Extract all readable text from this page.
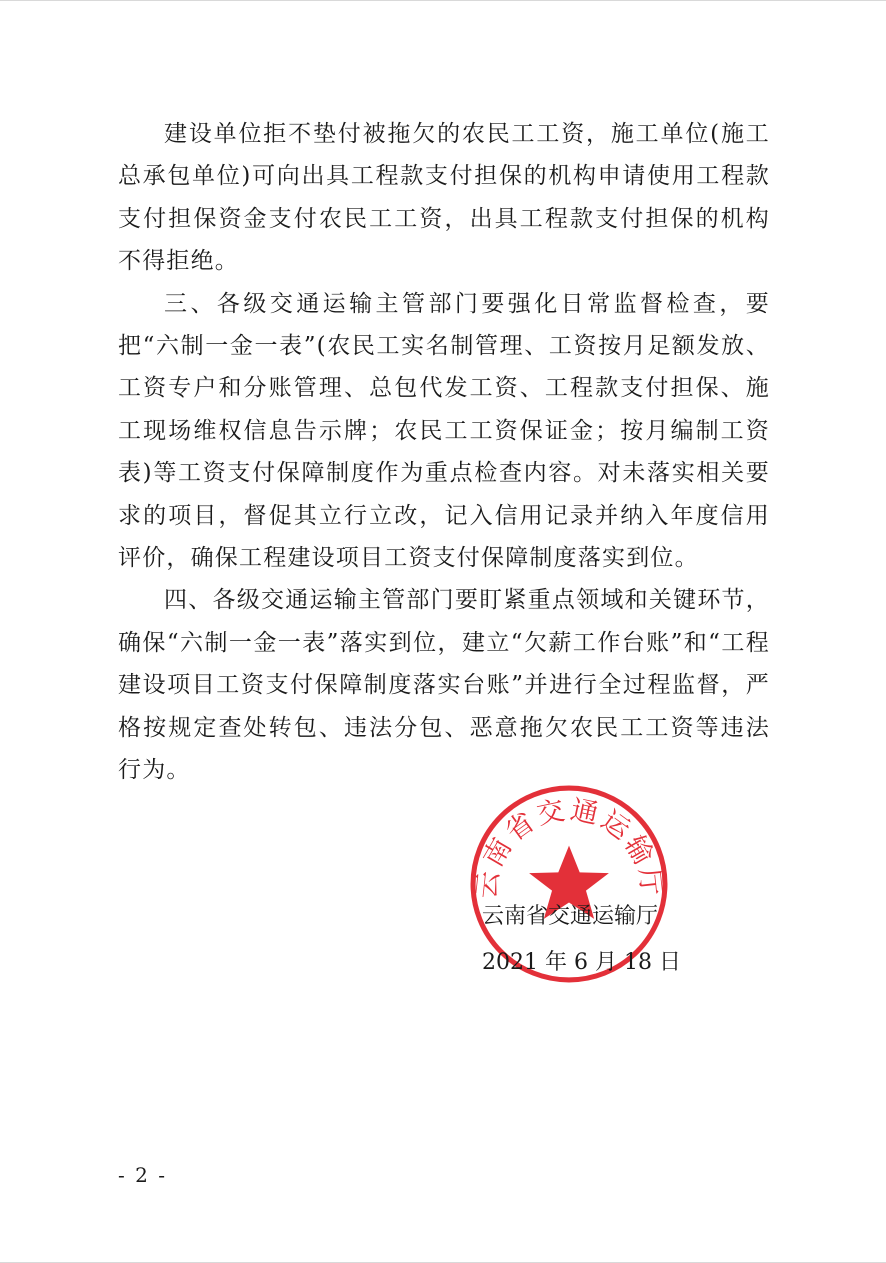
建设单位拒不垫付被拖欠的农民工工资，施工单位(施工总承包单位)可向出具工程款支付担保的机构申请使用工程款支付担保资金支付农民工工资，出具工程款支付担保的机构不得拒绝。

三、各级交通运输主管部门要强化日常监督检查，要把“六制一金一表”(农民工实名制管理、工资按月足额发放、工资专户和分账管理、总包代发工资、工程款支付担保、施工现场维权信息告示牌；农民工工资保证金；按月编制工资表)等工资支付保障制度作为重点检查内容。对未落实相关要求的项目，督促其立行立改，记入信用记录并纳入年度信用评价，确保工程建设项目工资支付保障制度落实到位。

四、各级交通运输主管部门要盯紧重点领域和关键环节，确保“六制一金一表”落实到位，建立“欠薪工作台账”和“工程建设项目工资支付保障制度落实台账”并进行全过程监督，严格按规定查处转包、违法分包、恶意拖欠农民工工资等违法行为。

云南省交通运输厅
云南省交通运输厅
2021 年 6 月 18 日
- 2 -
